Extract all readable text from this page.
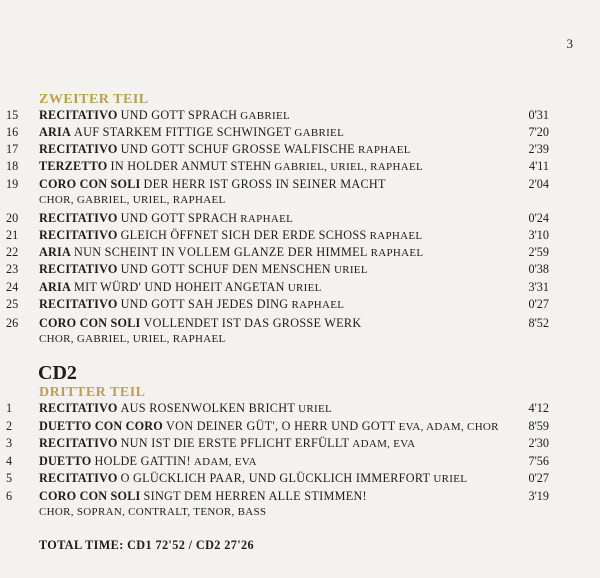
3
ZWEITER TEIL
15 RECITATIVO UND GOTT SPRACH GABRIEL	0'31
16 ARIA AUF STARKEM FITTIGE SCHWINGET GABRIEL	7'20
17 RECITATIVO UND GOTT SCHUF GROSSE WALFISCHE RAPHAEL	2'39
18 TERZETTO IN HOLDER ANMUT STEHN GABRIEL, URIEL, RAPHAEL	4'11
19 CORO CON SOLI DER HERR IST GROSS IN SEINER MACHT	2'04
CHOR, GABRIEL, URIEL, RAPHAEL
20 RECITATIVO UND GOTT SPRACH RAPHAEL	0'24
21 RECITATIVO GLEICH ÖFFNET SICH DER ERDE SCHOSS RAPHAEL	3'10
22 ARIA NUN SCHEINT IN VOLLEM GLANZE DER HIMMEL RAPHAEL	2'59
23 RECITATIVO UND GOTT SCHUF DEN MENSCHEN URIEL	0'38
24 ARIA MIT WÜRD' UND HOHEIT ANGETAN URIEL	3'31
25 RECITATIVO UND GOTT SAH JEDES DING RAPHAEL	0'27
26 CORO CON SOLI VOLLENDET IST DAS GROSSE WERK	8'52
CHOR, GABRIEL, URIEL, RAPHAEL
CD2
DRITTER TEIL
1 RECITATIVO AUS ROSENWOLKEN BRICHT URIEL	4'12
2 DUETTO CON CORO VON DEINER GÜT', O HERR UND GOTT EVA, ADAM, CHOR 8'59
3 RECITATIVO NUN IST DIE ERSTE PFLICHT ERFÜLLT ADAM, EVA	2'30
4 DUETTO HOLDE GATTIN! ADAM, EVA	7'56
5 RECITATIVO O GLÜCKLICH PAAR, UND GLÜCKLICH IMMERFORT URIEL	0'27
6 CORO CON SOLI SINGT DEM HERREN ALLE STIMMEN!	3'19
CHOR, SOPRAN, CONTRALT, TENOR, BASS
TOTAL TIME: CD1 72'52 / CD2 27'26
